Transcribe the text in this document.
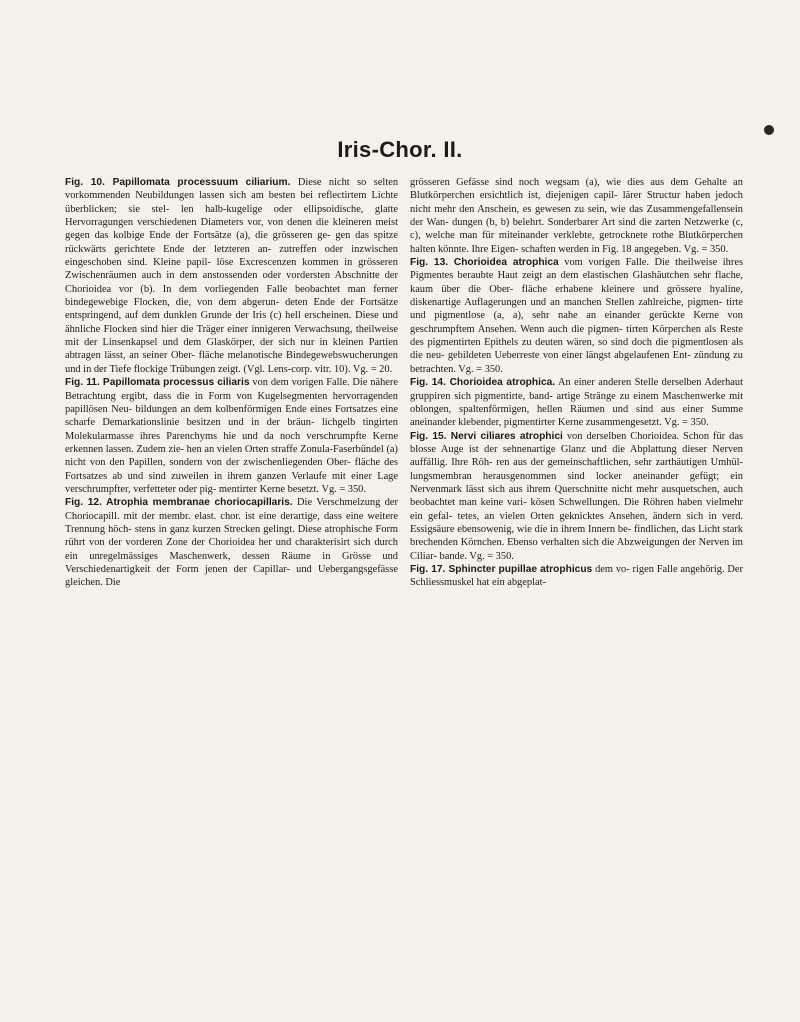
Iris-Chor. II.

Fig. 10. Papillomata processuum ciliarium. Diese nicht so selten vorkommenden Neubildungen lassen sich am besten bei reflectirtem Lichte überblicken; sie stel- len halb-kugelige oder ellipsoidische, glatte Hervorragungen verschiedenen Diameters vor, von denen die kleineren meist gegen das kolbige Ende der Fortsätze (a), die grösseren ge- gen das spitze rückwärts gerichtete Ende der letzteren an- zutreffen oder inzwischen eingeschoben sind. Kleine papil- löse Excrescenzen kommen in grösseren Zwischenräumen auch in dem anstossenden oder vordersten Abschnitte der Chorioidea vor (b). In dem vorliegenden Falle beobachtet man ferner bindegewebige Flocken, die, von dem abgerun- deten Ende der Fortsätze entspringend, auf dem dunklen Grunde der Iris (c) hell erscheinen. Diese und ähnliche Flocken sind hier die Träger einer innigeren Verwachsung, theilweise mit der Linsenkapsel und dem Glaskörper, der sich nur in kleinen Partien abtragen lässt, an seiner Ober- fläche melanotische Bindegewebswucherungen und in der Tiefe flockige Trübungen zeigt. (Vgl. Lens-corp. vitr. 10). Vg. = 20.

Fig. 11. Papillomata processus ciliaris von dem vorigen Falle. Die nähere Betrachtung ergibt, dass die in Form von Kugelsegmenten hervorragenden papillösen Neu- bildungen an dem kolbenförmigen Ende eines Fortsatzes eine scharfe Demarkationslinie besitzen und in der bräun- lichgelb tingirten Molekularmasse ihres Parenchyms hie und da noch verschrumpfte Kerne erkennen lassen. Zudem zie- hen an vielen Orten straffe Zonula-Faserbündel (a) nicht von den Papillen, sondern von der zwischenliegenden Ober- fläche des Fortsatzes ab und sind zuweilen in ihrem ganzen Verlaufe mit einer Lage verschrumpfter, verfetteter oder pig- mentirter Kerne besetzt. Vg. = 350.

Fig. 12. Atrophia membranae choriocapillaris. Die Verschmelzung der Choriocapill. mit der membr. elast. chor. ist eine derartige, dass eine weitere Trennung höch- stens in ganz kurzen Strecken gelingt. Diese atrophische Form rührt von der vorderen Zone der Chorioidea her und charakterisirt sich durch ein unregelmässiges Maschenwerk, dessen Räume in Grösse und Verschiedenartigkeit der Form jenen der Capillar- und Uebergangsgefässe gleichen. Die

grösseren Gefässe sind noch wegsam (a), wie dies aus dem Gehalte an Blutkörperchen ersichtlich ist, diejenigen capil- lärer Structur haben jedoch nicht mehr den Anschein, es gewesen zu sein, wie das Zusammengefallensein der Wan- dungen (b, b) belehrt. Sonderbarer Art sind die zarten Netzwerke (c, c), welche man für miteinander verklebte, getrocknete rothe Blutkörperchen halten könnte. Ihre Eigen- schaften werden in Fig. 18 angegeben. Vg. = 350.

Fig. 13. Chorioidea atrophica vom vorigen Falle. Die theilweise ihres Pigmentes beraubte Haut zeigt an dem elastischen Glashäutchen sehr flache, kaum über die Ober- fläche erhabene kleinere und grössere hyaline, diskenartige Auflagerungen und an manchen Stellen zahlreiche, pigmen- tirte und pigmentlose (a, a), sehr nahe an einander gerückte Kerne von geschrumpftem Ansehen. Wenn auch die pigmen- tirten Körperchen als Reste des pigmentirten Epithels zu deuten wären, so sind doch die pigmentlosen als die neu- gebildeten Ueberreste von einer längst abgelaufenen Ent- zündung zu betrachten. Vg. = 350.

Fig. 14. Chorioidea atrophica. An einer anderen Stelle derselben Aderhaut gruppiren sich pigmentirte, band- artige Stränge zu einem Maschenwerke mit oblongen, spaltenförmigen, hellen Räumen und sind aus einer Summe aneinander klebender, pigmentirter Kerne zusammengesetzt. Vg. = 350.

Fig. 15. Nervi ciliares atrophici von derselben Chorioidea. Schon für das blosse Auge ist der sehnenartige Glanz und die Abplattung dieser Nerven auffällig. Ihre Röh- ren aus der gemeinschaftlichen, sehr zarthäutigen Umhül- lungsmembran herausgenommen sind locker aneinander gefügt; ein Nervenmark lässt sich aus ihrem Querschnitte nicht mehr ausquetschen, auch beobachtet man keine vari- kösen Schwellungen. Die Röhren haben vielmehr ein gefal- tetes, an vielen Orten geknicktes Ansehen, ändern sich in verd. Essigsäure ebensowenig, wie die in ihrem Innern be- findlichen, das Licht stark brechenden Körnchen. Ebenso verhalten sich die Abzweigungen der Nerven im Ciliar- bande. Vg. = 350.

Fig. 17. Sphincter pupillae atrophicus dem vo- rigen Falle angehörig. Der Schliessmuskel hat ein abgeplat-
